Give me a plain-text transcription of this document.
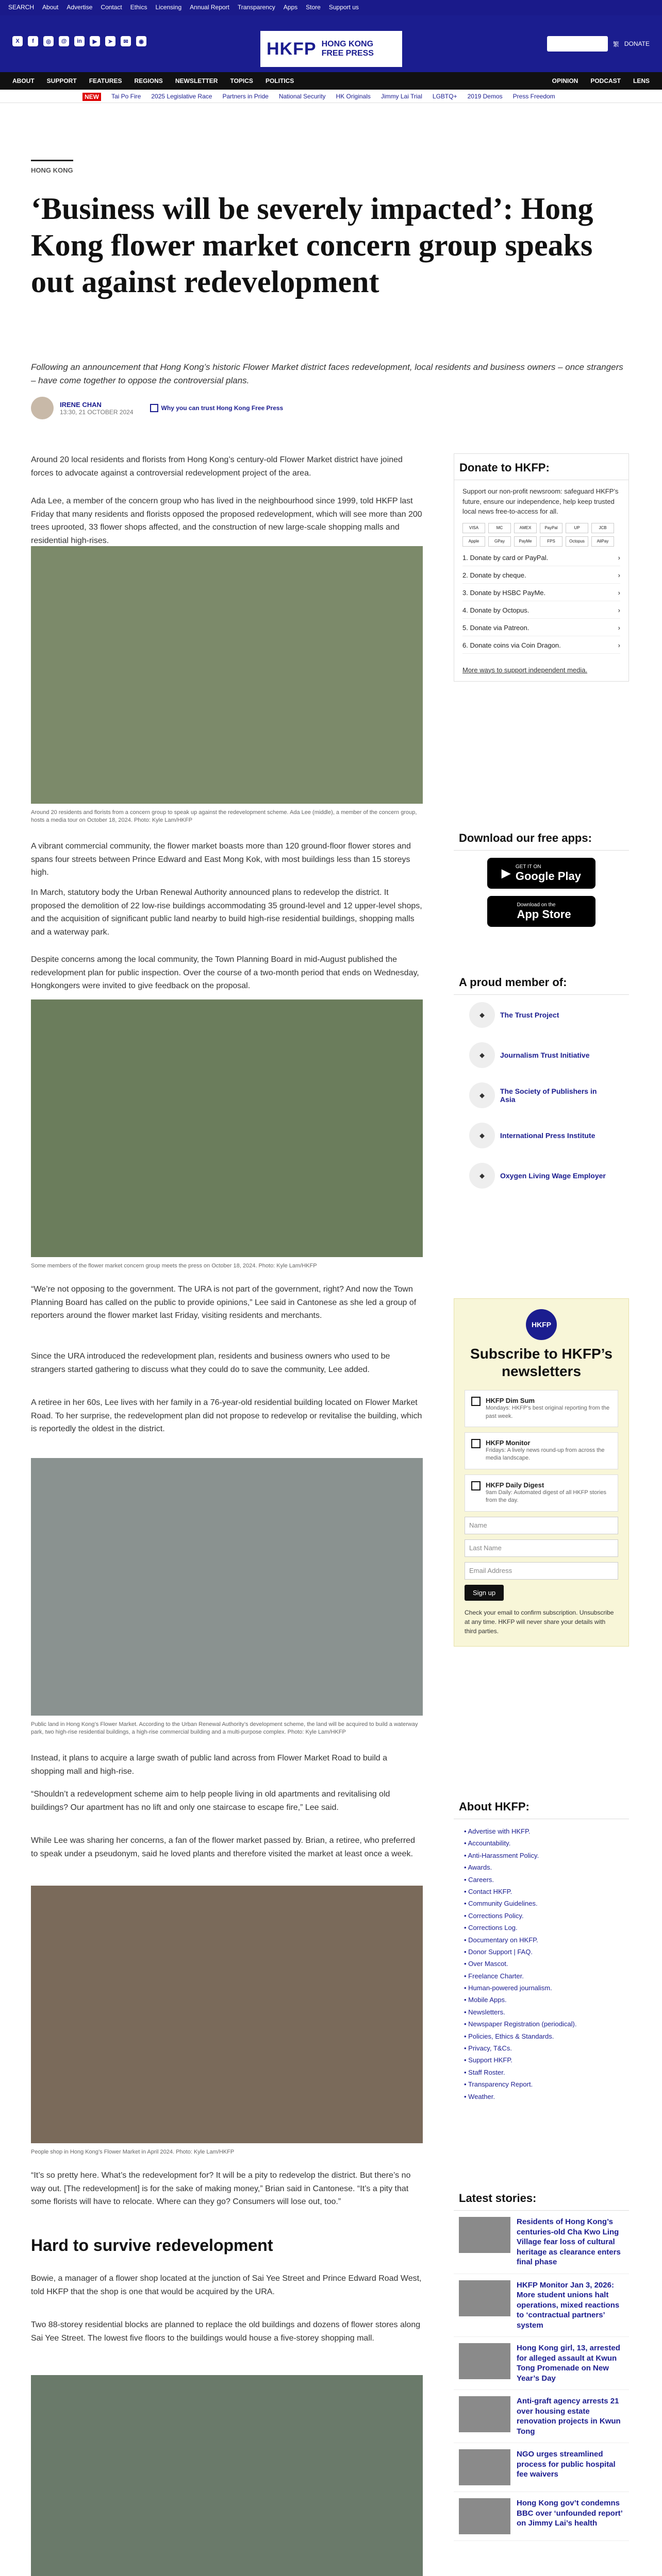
SEARCH About Advertise Contact Ethics Licensing Annual Report Transparency Apps Store Support us
X	f	◎	@	in	▶	➤	✉	◉	HKFP HONG KONG
FREE PRESS
SUPPORT HKFP	繁 DONATE
ABOUT SUPPORT FEATURES REGIONS NEWSLETTER TOPICS POLITICS	OPINION PODCAST LENS
NEW	Tai Po Fire 2025 Legislative Race Partners in Pride National Security HK Originals Jimmy Lai Trial LGBTQ+ 2019 Demos Press Freedom
HONG KONG
‘Business will be severely impacted’: Hong Kong flower market concern group speaks out against redevelopment
Following an announcement that Hong Kong’s historic Flower Market district faces redevelopment, local residents and business owners – once strangers – have come together to oppose the controversial plans.
IRENE CHAN
13:30, 21 OCTOBER 2024
Why you can trust Hong Kong Free Press
Around 20 local residents and florists from Hong Kong’s century-old Flower Market district have joined forces to advocate against a controversial redevelopment project of the area.
Ada Lee, a member of the concern group who has lived in the neighbourhood since 1999, told HKFP last Friday that many residents and florists opposed the proposed redevelopment, which will see more than 200 trees uprooted, 33 flower shops affected, and the construction of new large-scale shopping malls and residential high-rises.
Around 20 residents and florists from a concern group to speak up against the redevelopment scheme. Ada Lee (middle), a member of the concern group, hosts a media tour on October 18, 2024. Photo: Kyle Lam/HKFP
A vibrant commercial community, the flower market boasts more than 120 ground-floor flower stores and spans four streets between Prince Edward and East Mong Kok, with most buildings less than 15 storeys high.
In March, statutory body the Urban Renewal Authority announced plans to redevelop the district. It proposed the demolition of 22 low-rise buildings accommodating 35 ground-level and 12 upper-level shops, and the acquisition of significant public land nearby to build high-rise residential buildings, shopping malls and a waterway park.
Despite concerns among the local community, the Town Planning Board in mid-August published the redevelopment plan for public inspection. Over the course of a two-month period that ends on Wednesday, Hongkongers were invited to give feedback on the proposal.
Some members of the flower market concern group meets the press on October 18, 2024. Photo: Kyle Lam/HKFP
“We’re not opposing to the government. The URA is not part of the government, right? And now the Town Planning Board has called on the public to provide opinions,” Lee said in Cantonese as she led a group of reporters around the flower market last Friday, visiting residents and merchants.
Since the URA introduced the redevelopment plan, residents and business owners who used to be strangers started gathering to discuss what they could do to save the community, Lee added.
A retiree in her 60s, Lee lives with her family in a 76-year-old residential building located on Flower Market Road. To her surprise, the redevelopment plan did not propose to redevelop or revitalise the building, which is reportedly the oldest in the district.
Public land in Hong Kong’s Flower Market. According to the Urban Renewal Authority’s development scheme, the land will be acquired to build a waterway park, two high-rise residential buildings, a high-rise commercial building and a multi-purpose complex. Photo: Kyle Lam/HKFP
Instead, it plans to acquire a large swath of public land across from Flower Market Road to build a shopping mall and high-rise.
“Shouldn’t a redevelopment scheme aim to help people living in old apartments and revitalising old buildings? Our apartment has no lift and only one staircase to escape fire,” Lee said.
While Lee was sharing her concerns, a fan of the flower market passed by. Brian, a retiree, who preferred to speak under a pseudonym, said he loved plants and therefore visited the market at least once a week.
People shop in Hong Kong’s Flower Market in April 2024. Photo: Kyle Lam/HKFP
“It’s so pretty here. What’s the redevelopment for? It will be a pity to redevelop the district. But there’s no way out. [The redevelopment] is for the sake of making money,” Brian said in Cantonese. “It’s a pity that some florists will have to relocate. Where can they go? Consumers will lose out, too.”
Hard to survive redevelopment
Bowie, a manager of a flower shop located at the junction of Sai Yee Street and Prince Edward Road West, told HKFP that the shop is one that would be acquired by the URA.
Two 88-storey residential blocks are planned to replace the old buildings and dozens of flower stores along Sai Yee Street. The lowest five floors to the buildings would house a five-storey shopping mall.
Donate to HKFP:
Support our non-profit newsroom: safeguard HKFP’s future, ensure our independence, help keep trusted local news free-to-access for all.
VISA	MC	AMEX	PayPal	UP	JCB
Apple	GPay	PayMe	FPS	Octopus	AliPay
1. Donate by card or PayPal.	›
2. Donate by cheque.	›
3. Donate by HSBC PayMe.	›
4. Donate by Octopus.	›
5. Donate via Patreon.	›
6. Donate coins via Coin Dragon.	›
More ways to support independent media.
Download our free apps:
▶ GET IT ON
Google Play
Download on the
App Store
A proud member of:
◆	The Trust Project
◆	Journalism Trust Initiative
◆	The Society of Publishers in Asia
◆	International Press Institute
◆	Oxygen Living Wage Employer
HKFP
Subscribe to HKFP’s newsletters
HKFP Dim Sum
Mondays: HKFP’s best original reporting from the past week.
HKFP Monitor
Fridays: A lively news round-up from across the media landscape.
HKFP Daily Digest
9am Daily: Automated digest of all HKFP stories from the day.
Name
Last Name
Email Address
Sign up
Check your email to confirm subscription. Unsubscribe at any time. HKFP will never share your details with third parties.
About HKFP:
• Advertise with HKFP.
• Accountability.
• Anti-Harassment Policy.
• Awards.
• Careers.
• Contact HKFP.
• Community Guidelines.
• Corrections Policy.
• Corrections Log.
• Documentary on HKFP.
• Donor Support | FAQ.
• Over Mascot.
• Freelance Charter.
• Human-powered journalism.
• Mobile Apps.
• Newsletters.
• Newspaper Registration (periodical).
• Policies, Ethics & Standards.
• Privacy, T&Cs.
• Support HKFP.
• Staff Roster.
• Transparency Report.
• Weather.
Latest stories:
Residents of Hong Kong’s centuries-old Cha Kwo Ling Village fear loss of cultural heritage as clearance enters final phase
HKFP Monitor Jan 3, 2026: More student unions halt operations, mixed reactions to ‘contractual partners’ system
Hong Kong girl, 13, arrested for alleged assault at Kwun Tong Promenade on New Year’s Day
Anti-graft agency arrests 21 over housing estate renovation projects in Kwun Tong
NGO urges streamlined process for public hospital fee waivers
Hong Kong gov’t condemns BBC over ‘unfounded report’ on Jimmy Lai’s health
